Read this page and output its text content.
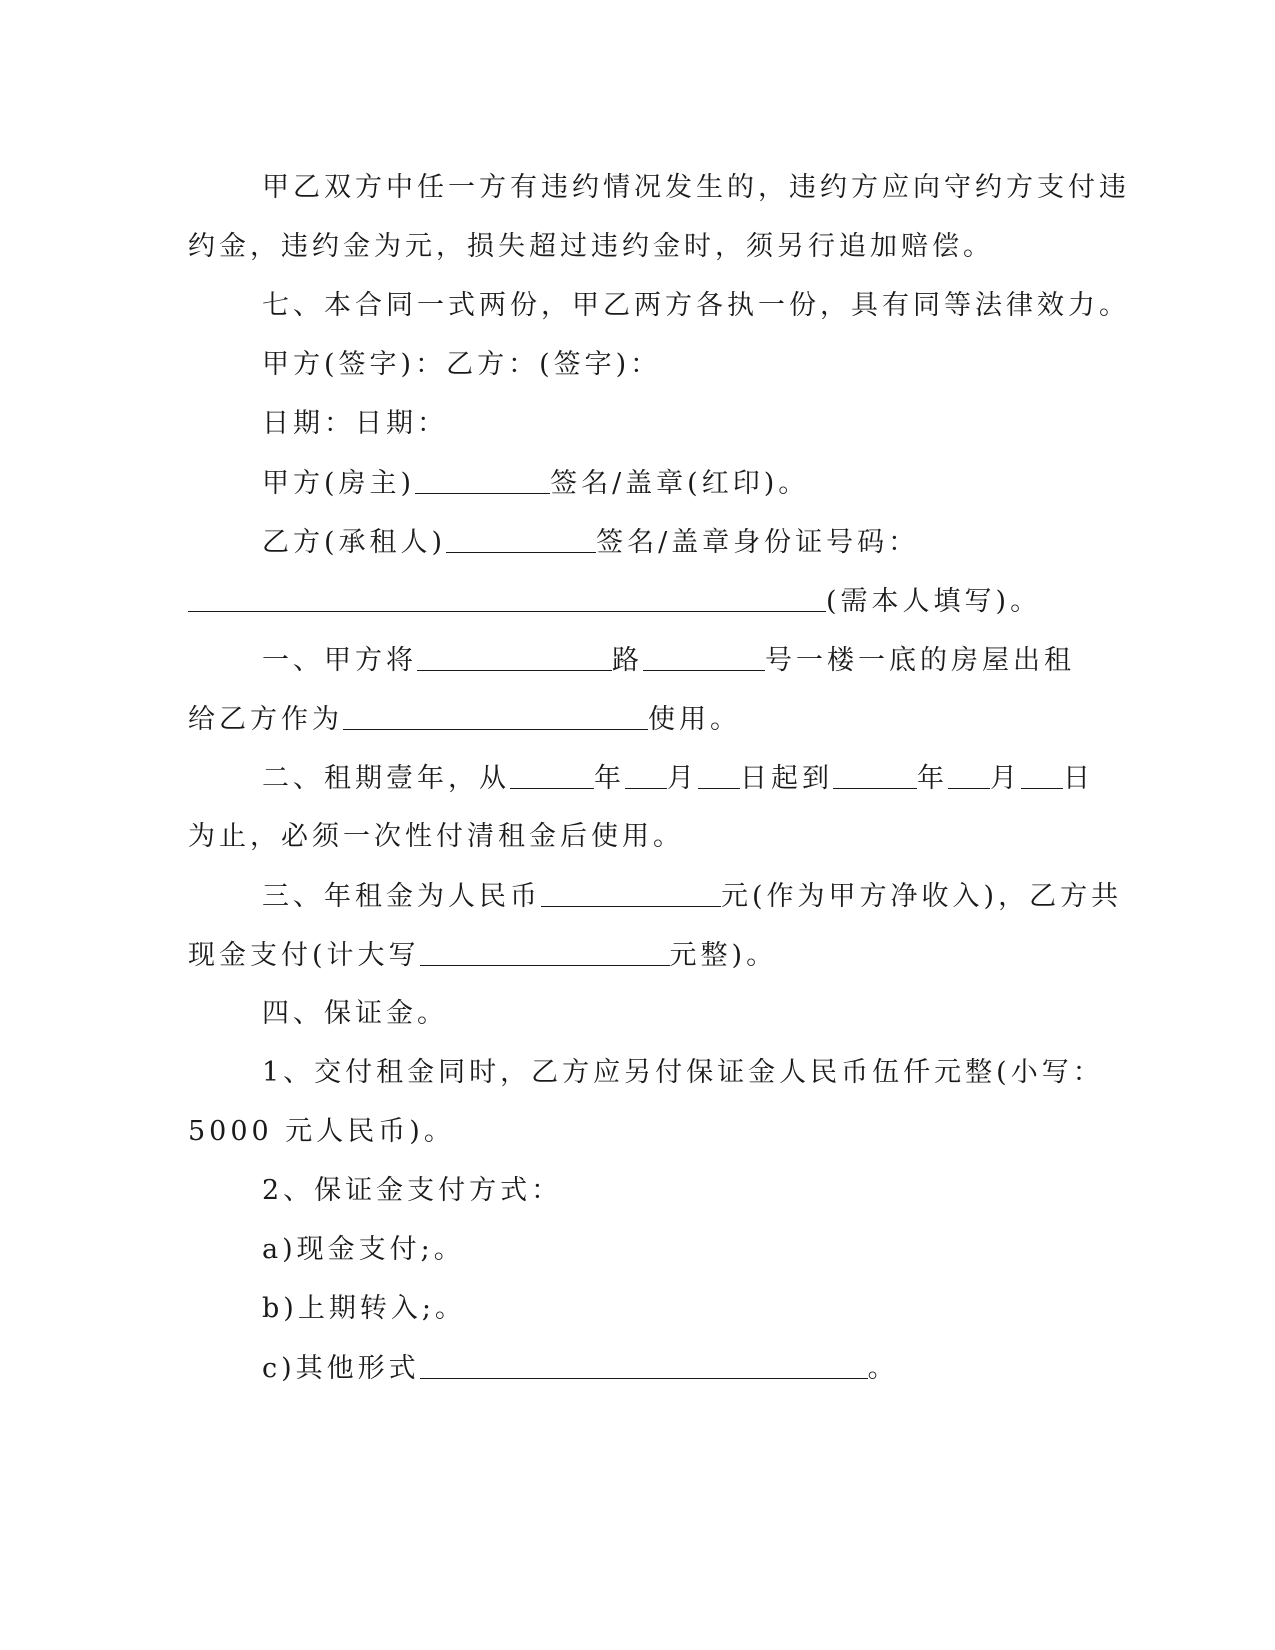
甲乙双方中任一方有违约情况发生的，违约方应向守约方支付违
约金，违约金为元，损失超过违约金时，须另行追加赔偿。
七、本合同一式两份，甲乙两方各执一份，具有同等法律效力。
甲方(签字)：乙方：(签字)：
日期：日期：
甲方(房主)	签名/盖章(红印)。
乙方(承租人)	签名/盖章身份证号码：
(需本人填写)。
一、甲方将	路	号一楼一底的房屋出租
给乙方作为	使用。
二、租期壹年，从	年 月 日起到	年 月 日
为止，必须一次性付清租金后使用。
三、年租金为人民币	元(作为甲方净收入)，乙方共
现金支付(计大写	元整)。
四、保证金。
1、交付租金同时，乙方应另付保证金人民币伍仟元整(小写：
5000 元人民币)。
2、保证金支付方式：
a)现金支付;。
b)上期转入;。
c)其他形式	。
